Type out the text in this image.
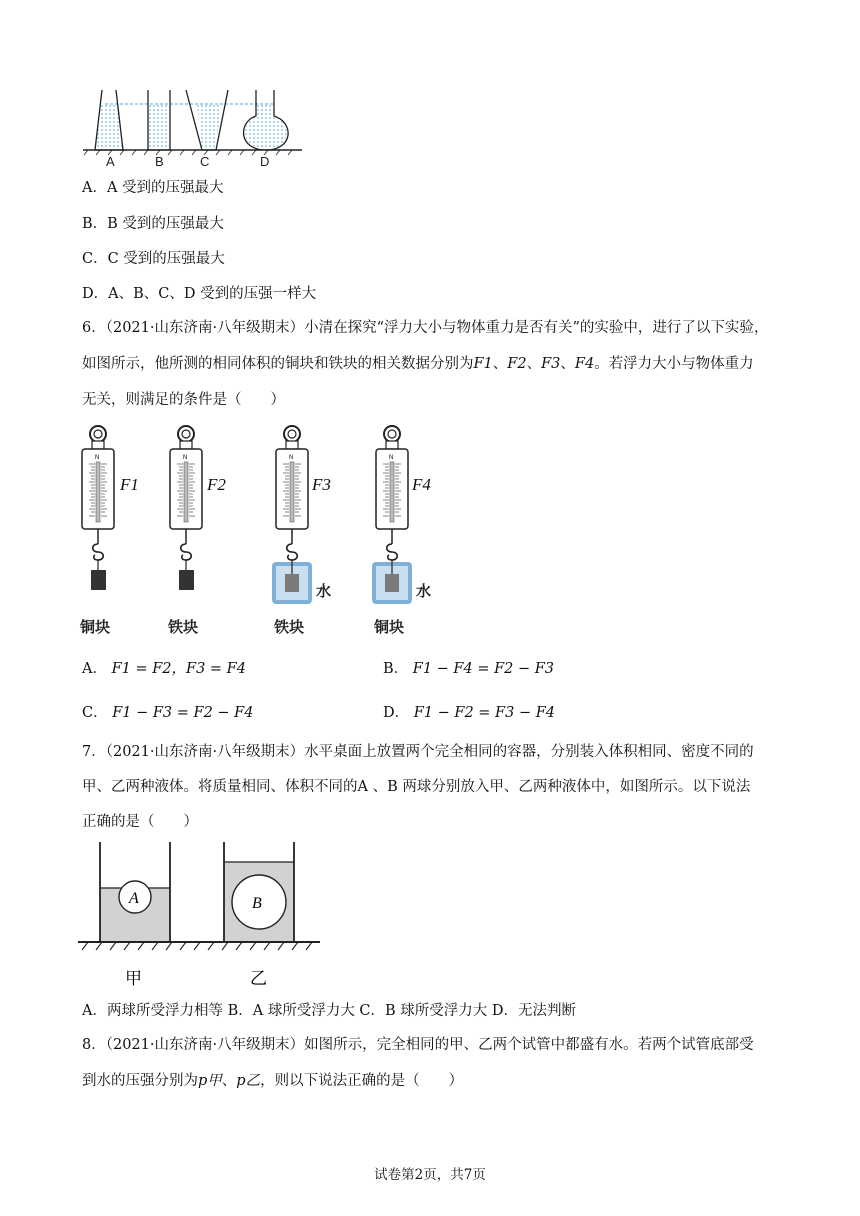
A	B	C	D
A．A 受到的压强最大
B．B 受到的压强最大
C．C 受到的压强最大
D．A、B、C、D 受到的压强一样大
6．（2021·山东济南·八年级期末）小清在探究“浮力大小与物体重力是否有关”的实验中，进行了以下实验，
如图所示，他所测的相同体积的铜块和铁块的相关数据分别为F1、F2、F3、F4。若浮力大小与物体重力
无关，则满足的条件是（　　）
F1	F2	F3	F4
水	水
铜块	铁块	铁块	铜块
A． F1 = F2，F3 = F4	B． F1 − F4 = F2 − F3
C． F1 − F3 = F2 − F4	D． F1 − F2 = F3 − F4
7．（2021·山东济南·八年级期末）水平桌面上放置两个完全相同的容器，分别装入体积相同、密度不同的
甲、乙两种液体。将质量相同、体积不同的A 、B 两球分别放入甲、乙两种液体中，如图所示。以下说法
正确的是（　　）
A	B
甲	乙
A．两球所受浮力相等 B．A 球所受浮力大 C．B 球所受浮力大 D．无法判断
8．（2021·山东济南·八年级期末）如图所示，完全相同的甲、乙两个试管中都盛有水。若两个试管底部受
到水的压强分别为p甲、p乙，则以下说法正确的是（　　）
试卷第2页，共7页
